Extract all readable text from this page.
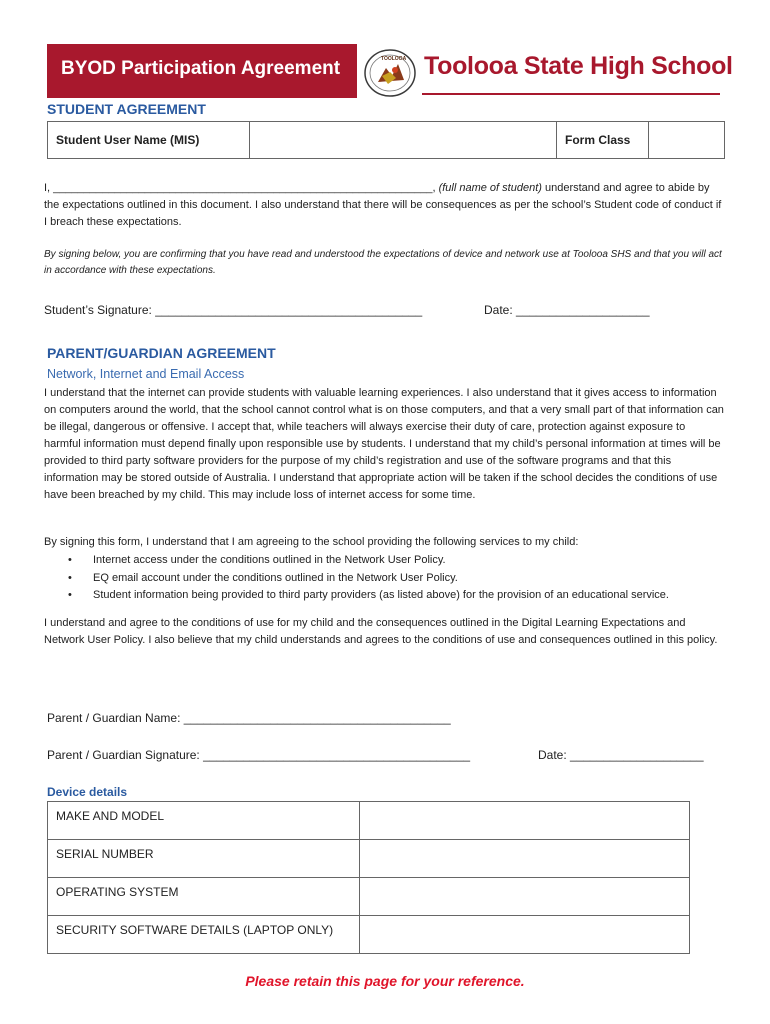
BYOD Participation Agreement	TOOLOOA Toolooa State High School
STUDENT AGREEMENT
Student User Name (MIS)		Form Class	

I, ______________________________________________________________, (full name of student) understand and agree to abide by the expectations outlined in this document. I also understand that there will be consequences as per the school’s Student code of conduct if I breach these expectations.

By signing below, you are confirming that you have read and understood the expectations of device and network use at Toolooa SHS and that you will act in accordance with these expectations.

Student’s Signature: ________________________________________	Date: ____________________
PARENT/GUARDIAN AGREEMENT
Network, Internet and Email Access

I understand that the internet can provide students with valuable learning experiences. I also understand that it gives access to information on computers around the world, that the school cannot control what is on those computers, and that a very small part of that information can be illegal, dangerous or offensive. I accept that, while teachers will always exercise their duty of care, protection against exposure to harmful information must depend finally upon responsible use by students. I understand that my child’s personal information at times will be provided to third party software providers for the purpose of my child’s registration and use of the software programs and that this information may be stored outside of Australia. I understand that appropriate action will be taken if the school decides the conditions of use have been breached by my child. This may include loss of internet access for some time.

By signing this form, I understand that I am agreeing to the school providing the following services to my child:

• Internet access under the conditions outlined in the Network User Policy.
• EQ email account under the conditions outlined in the Network User Policy.
• Student information being provided to third party providers (as listed above) for the provision of an educational service.

I understand and agree to the conditions of use for my child and the consequences outlined in the Digital Learning Expectations and Network User Policy. I also believe that my child understands and agrees to the conditions of use and consequences outlined in this policy.

Parent / Guardian Name: ________________________________________
Parent / Guardian Signature: ________________________________________	Date: ____________________
Device details
MAKE AND MODEL	
SERIAL NUMBER	
OPERATING SYSTEM	
SECURITY SOFTWARE DETAILS (LAPTOP ONLY)	
Please retain this page for your reference.
